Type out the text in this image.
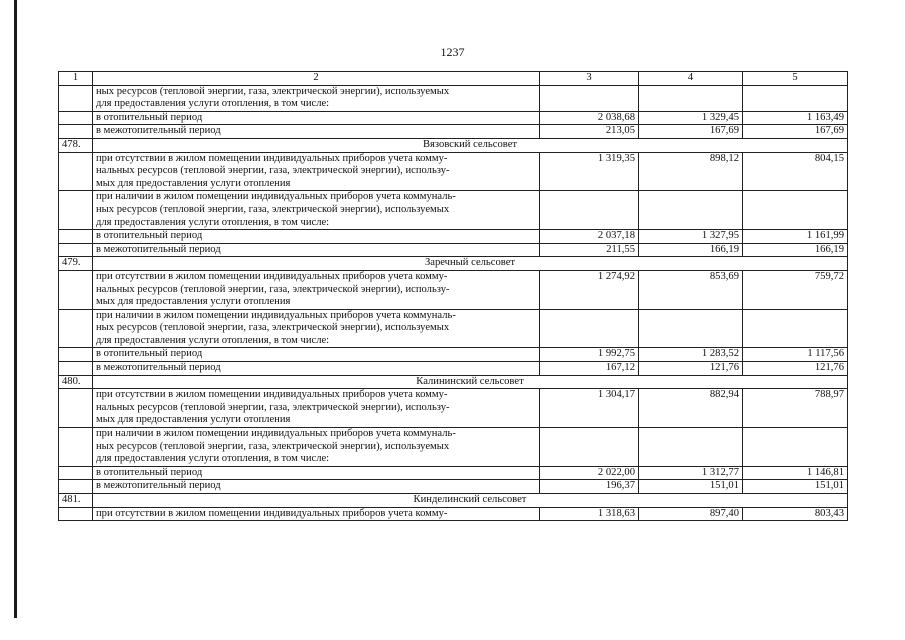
1237
1	2	3	4	5

	ных ресурсов (тепловой энергии, газа, электрической энергии), используемых
для предоставления услуги отопления, в том числе:			

	в отопительный период	2 038,68	1 329,45	1 163,49

	в межотопительный период	213,05	167,69	167,69
478.	Вязовский сельсовет			

	при отсутствии в жилом помещении индивидуальных приборов учета комму-
нальных ресурсов (тепловой энергии, газа, электрической энергии), использу-
мых для предоставления услуги отопления	1 319,35	898,12	804,15

	при наличии в жилом помещении индивидуальных приборов учета коммуналь-
ных ресурсов (тепловой энергии, газа, электрической энергии), используемых
для предоставления услуги отопления, в том числе:			

	в отопительный период	2 037,18	1 327,95	1 161,99

	в межотопительный период	211,55	166,19	166,19
479.	Заречный сельсовет			

	при отсутствии в жилом помещении индивидуальных приборов учета комму-
нальных ресурсов (тепловой энергии, газа, электрической энергии), использу-
мых для предоставления услуги отопления	1 274,92	853,69	759,72

	при наличии в жилом помещении индивидуальных приборов учета коммуналь-
ных ресурсов (тепловой энергии, газа, электрической энергии), используемых
для предоставления услуги отопления, в том числе:			

	в отопительный период	1 992,75	1 283,52	1 117,56

	в межотопительный период	167,12	121,76	121,76
480.	Калининский сельсовет			

	при отсутствии в жилом помещении индивидуальных приборов учета комму-
нальных ресурсов (тепловой энергии, газа, электрической энергии), использу-
мых для предоставления услуги отопления	1 304,17	882,94	788,97

	при наличии в жилом помещении индивидуальных приборов учета коммуналь-
ных ресурсов (тепловой энергии, газа, электрической энергии), используемых
для предоставления услуги отопления, в том числе:			

	в отопительный период	2 022,00	1 312,77	1 146,81

	в межотопительный период	196,37	151,01	151,01
481.	Кинделинский сельсовет			

	при отсутствии в жилом помещении индивидуальных приборов учета комму-	1 318,63	897,40	803,43
